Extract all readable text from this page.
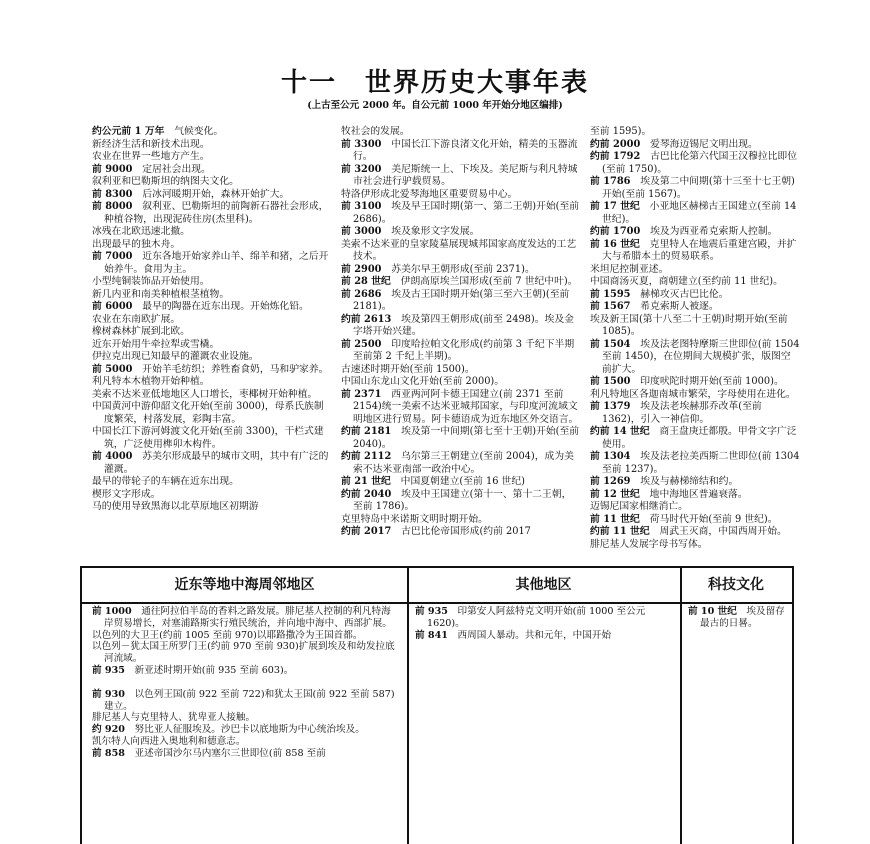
十一　世界历史大事年表
(上古至公元 2000 年。自公元前 1000 年开始分地区编排)
约公元前 1 万年　气候变化。
新经济生活和新技术出现。
农业在世界一些地方产生。
前 9000　定居社会出现。
叙利亚和巴勒斯坦的纳图夫文化。
前 8300　后冰河暖期开始，森林开始扩大。
前 8000　叙利亚、巴勒斯坦的前陶新石器社会形成，种植谷物，出现泥砖住房(杰里科)。
冰残在北欧迅速北撤。
出现最早的独木舟。
前 7000　近东各地开始家养山羊、绵羊和猪，之后开始养牛。食用为主。
小型纯铜装饰品开始使用。
新几内亚和南美种植根茎植物。
前 6000　最早的陶器在近东出现。开始炼化铅。
农业在东南欧扩展。
橡树森林扩展到北欧。
近东开始用牛牵拉犁或雪橇。
伊拉克出现已知最早的灌溉农业设施。
前 5000　开始羊毛纺织；养牲畜食奶，马和驴家养。
利凡特本木植物开始种植。
美索不达米亚低地地区人口增长，枣椰树开始种植。
中国黄河中游仰韶文化开始(至前 3000)，母系氏族制度繁荣，村落发展，彩陶丰富。
中国长江下游河姆渡文化开始(至前 3300)，干栏式建筑，广泛使用榫卯木构件。
前 4000　苏美尔形成最早的城市文明，其中有广泛的灌溉。
最早的带轮子的车辆在近东出现。
楔形文字形成。
马的使用导致黑海以北草原地区初期游
牧社会的发展。
前 3300　中国长江下游良渚文化开始，精美的玉器流行。
前 3200　美尼斯统一上、下埃及。美尼斯与利凡特城市社会进行驴载贸易。
特洛伊形成北爱琴海地区重要贸易中心。
前 3100　埃及早王国时期(第一、第二王朝)开始(至前 2686)。
前 3000　埃及象形文字发展。
美索不达米亚的皇家陵墓展现城邦国家高度发达的工艺技术。
前 2900　苏美尔早王朝形成(至前 2371)。
前 28 世纪　伊朗高原埃兰国形成(至前 7 世纪中叶)。
前 2686　埃及古王国时期开始(第三至六王朝)(至前 2181)。
约前 2613　埃及第四王朝形成(前至 2498)。埃及金字塔开始兴建。
前 2500　印度哈拉帕文化形成(约前第 3 千纪下半期至前第 2 千纪上半期)。
古速述时期开始(至前 1500)。
中国山东龙山文化开始(至前 2000)。
前 2371　西亚两河阿卡德王国建立(前 2371 至前 2154)统一美索不达米亚城邦国家，与印度河流域文明地区进行贸易。阿卡德语成为近东地区外交语言。
约前 2181　埃及第一中间期(第七至十王朝)开始(至前 2040)。
约前 2112　乌尔第三王朝建立(至前 2004)，成为美索不达米亚南部一政治中心。
前 21 世纪　中国夏朝建立(至前 16 世纪)
约前 2040　埃及中王国建立(第十一、第十二王朝，至前 1786)。
克里特岛中米诺斯文明时期开始。
约前 2017　古巴比伦帝国形成(约前 2017
至前 1595)。
约前 2000　爱琴海迈锡尼文明出现。
约前 1792　古巴比伦第六代国王汉穆拉比即位(至前 1750)。
前 1786　埃及第二中间期(第十三至十七王朝)开始(至前 1567)。
前 17 世纪　小亚地区赫梯古王国建立(至前 14 世纪)。
约前 1700　埃及为西亚希克索斯人控制。
前 16 世纪　克里特人在地震后重建宫殿，并扩大与希腊本土的贸易联系。
米坦尼控制亚述。
中国商汤灭夏，商朝建立(至约前 11 世纪)。
前 1595　赫梯攻灭古巴比伦。
前 1567　希克索斯人被逐。
埃及新王国(第十八至二十王朝)时期开始(至前 1085)。
前 1504　埃及法老图特摩斯三世即位(前 1504 至前 1450)，在位期间大规模扩张，版图空前扩大。
前 1500　印度吠陀时期开始(至前 1000)。
利凡特地区各迦南城市繁荣，字母使用在进化。
前 1379　埃及法老埃赫那乔改革(至前 1362)，引入一神信仰。
约前 14 世纪　商王盘庚迁都殷。甲骨文字广泛使用。
前 1304　埃及法老拉美西斯二世即位(前 1304 至前 1237)。
前 1269　埃及与赫梯缔结和约。
前 12 世纪　地中海地区普遍衰落。
迈锡尼国家相继消亡。
前 11 世纪　荷马时代开始(至前 9 世纪)。
约前 11 世纪　周武王灭商，中国西周开始。
腓尼基人发展字母书写体。
近东等地中海周邻地区	其他地区	科技文化
前 1000　通往阿拉伯半岛的香料之路发展。腓尼基人控制的利凡特海岸贸易增长，对塞浦路斯实行殖民统治，并向地中海中、西部扩展。
以色列的大卫王(约前 1005 至前 970)以耶路撒冷为王国首都。
以色列－犹太国王所罗门王(约前 970 至前 930)扩展到埃及和幼发拉底河流域。
前 935　新亚述时期开始(前 935 至前 603)。
前 930　以色列王国(前 922 至前 722)和犹太王国(前 922 至前 587)建立。
腓尼基人与克里特人、犹卑亚人接触。
约 920　努比亚人征服埃及。沙巴卡以底地斯为中心统治埃及。
凯尔特人向西进入奥地利和德意志。
前 858　亚述帝国沙尔马内塞尔三世即位(前 858 至前
前 935　印第安人阿兹特克文明开始(前 1000 至公元 1620)。
前 841　西周国人暴动。共和元年，中国开始
前 10 世纪　埃及留存最古的日晷。
